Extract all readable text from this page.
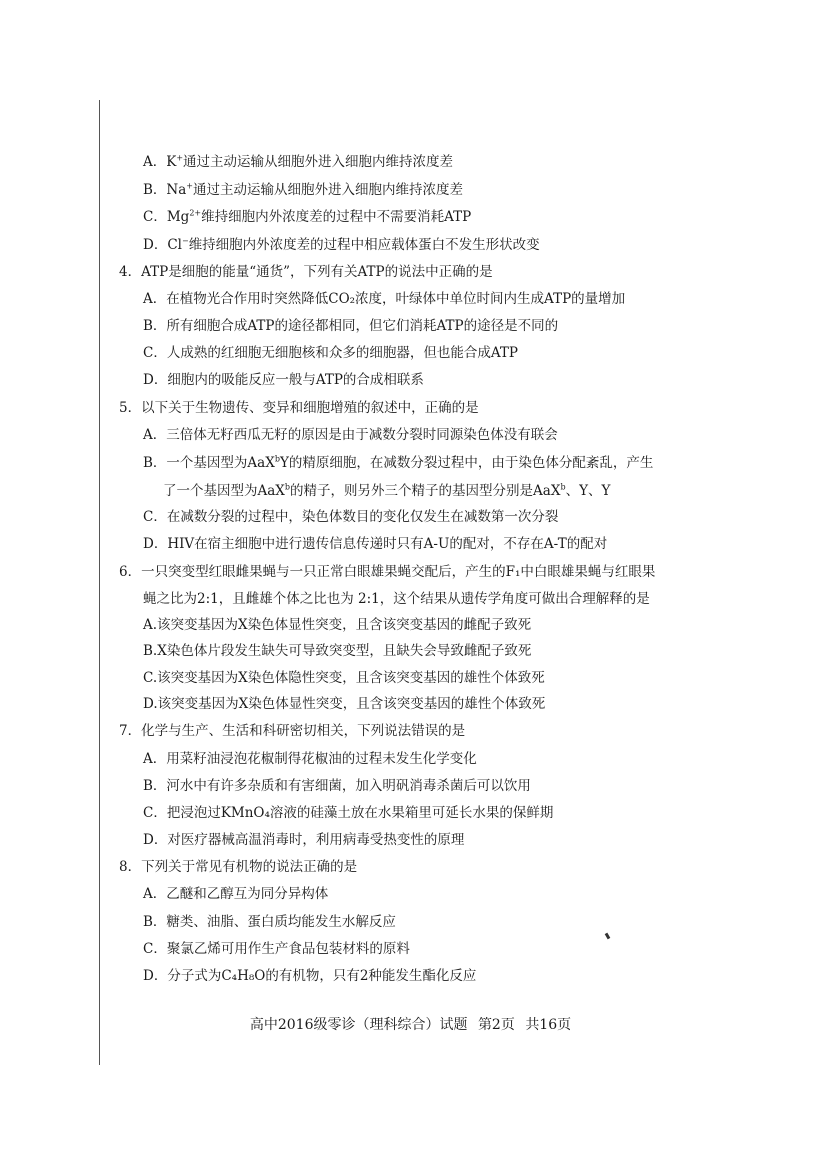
A．K+通过主动运输从细胞外进入细胞内维持浓度差
B．Na+通过主动运输从细胞外进入细胞内维持浓度差
C．$Mg^{2+}$维持细胞内外浓度差的过程中不需要消耗ATP
D．Cl−维持细胞内外浓度差的过程中相应载体蛋白不发生形状改变
4．ATP是细胞的能量“通货”，下列有关ATP的说法中正确的是
A．在植物光合作用时突然降低CO₂浓度，叶绿体中单位时间内生成ATP的量增加
B．所有细胞合成ATP的途径都相同，但它们消耗ATP的途径是不同的
C．人成熟的红细胞无细胞核和众多的细胞器，但也能合成ATP
D．细胞内的吸能反应一般与ATP的合成相联系
5．以下关于生物遗传、变异和细胞增殖的叙述中，正确的是
A．三倍体无籽西瓜无籽的原因是由于减数分裂时同源染色体没有联会
B．一个基因型为AaX$^b$Y的精原细胞，在减数分裂过程中，由于染色体分配紊乱，产生
了一个基因型为AaX$^b$的精子，则另外三个精子的基因型分别是AaX$^b$、Y、Y
C．在减数分裂的过程中，染色体数目的变化仅发生在减数第一次分裂
D．HIV在宿主细胞中进行遗传信息传递时只有A-U的配对，不存在A-T的配对
6．一只突变型红眼雌果蝇与一只正常白眼雄果蝇交配后，产生的F₁中白眼雄果蝇与红眼果
蝇之比为2:1，且雌雄个体之比也为 2:1，这个结果从遗传学角度可做出合理解释的是
A.该突变基因为X染色体显性突变，且含该突变基因的雌配子致死
B.X染色体片段发生缺失可导致突变型，且缺失会导致雌配子致死
C.该突变基因为X染色体隐性突变，且含该突变基因的雄性个体致死
D.该突变基因为X染色体显性突变，且含该突变基因的雄性个体致死
7．化学与生产、生活和科研密切相关，下列说法错误的是
A．用菜籽油浸泡花椒制得花椒油的过程未发生化学变化
B．河水中有许多杂质和有害细菌，加入明矾消毒杀菌后可以饮用
C．把浸泡过KMnO₄溶液的硅藻土放在水果箱里可延长水果的保鲜期
D．对医疗器械高温消毒时，利用病毒受热变性的原理
8．下列关于常见有机物的说法正确的是
A．乙醚和乙醇互为同分异构体
B．糖类、油脂、蛋白质均能发生水解反应
C．聚氯乙烯可用作生产食品包装材料的原料
D．分子式为C₄H₈O的有机物，只有2种能发生酯化反应
高中2016级零诊（理科综合）试题 第2页 共16页
